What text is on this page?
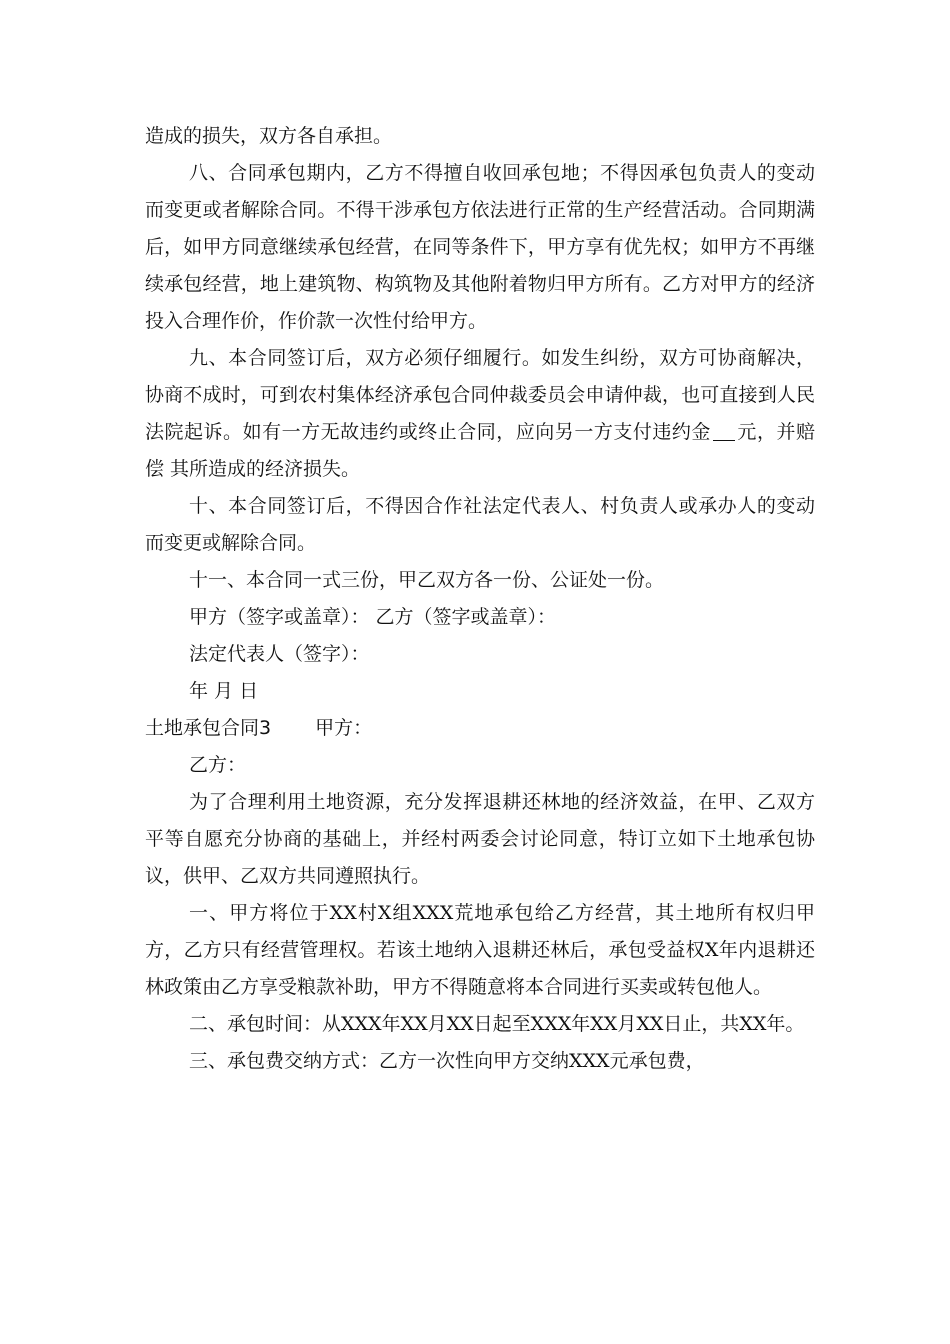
造成的损失，双方各自承担。

八、合同承包期内，乙方不得擅自收回承包地；不得因承包负责人的变动而变更或者解除合同。不得干涉承包方依法进行正常的生产经营活动。合同期满后，如甲方同意继续承包经营，在同等条件下，甲方享有优先权；如甲方不再继续承包经营，地上建筑物、构筑物及其他附着物归甲方所有。乙方对甲方的经济投入合理作价，作价款一次性付给甲方。

九、本合同签订后，双方必须仔细履行。如发生纠纷，双方可协商解决，协商不成时，可到农村集体经济承包合同仲裁委员会申请仲裁，也可直接到人民法院起诉。如有一方无故违约或终止合同，应向另一方支付违约金 元，并赔偿 其所造成的经济损失。

十、本合同签订后，不得因合作社法定代表人、村负责人或承办人的变动而变更或解除合同。

十一、本合同一式三份，甲乙双方各一份、公证处一份。

甲方（签字或盖章）： 乙方（签字或盖章）：

法定代表人（签字）：

年 月 日

土地承包合同3 甲方：

乙方：

为了合理利用土地资源，充分发挥退耕还林地的经济效益，在甲、乙双方平等自愿充分协商的基础上，并经村两委会讨论同意，特订立如下土地承包协议，供甲、乙双方共同遵照执行。

一、甲方将位于XX村X组XXX荒地承包给乙方经营，其土地所有权归甲方，乙方只有经营管理权。若该土地纳入退耕还林后，承包受益权X年内退耕还林政策由乙方享受粮款补助，甲方不得随意将本合同进行买卖或转包他人。

二、承包时间：从XXX年XX月XX日起至XXX年XX月XX日止，共XX年。

三、承包费交纳方式：乙方一次性向甲方交纳XXX元承包费，
